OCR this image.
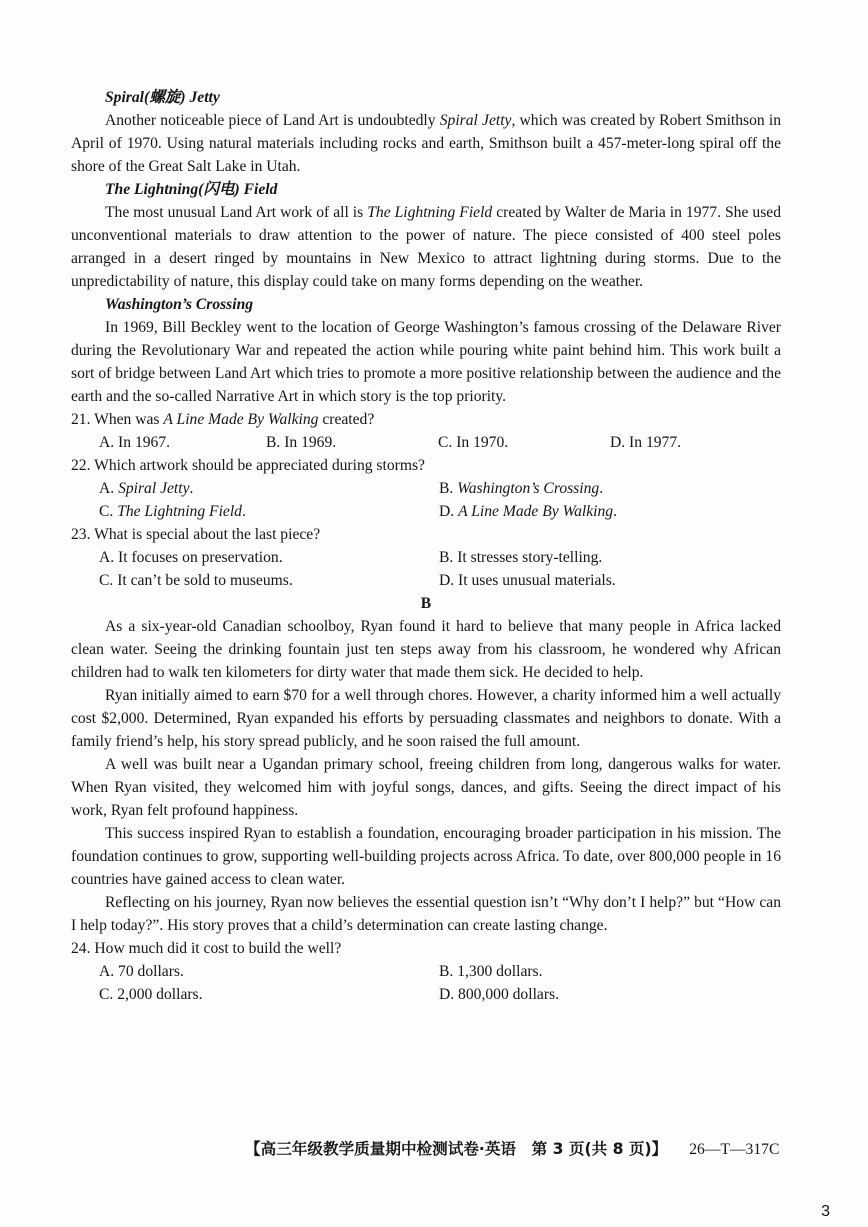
Spiral(螺旋) Jetty

Another noticeable piece of Land Art is undoubtedly Spiral Jetty, which was created by Robert Smithson in April of 1970. Using natural materials including rocks and earth, Smithson built a 457-meter-long spiral off the shore of the Great Salt Lake in Utah.

The Lightning(闪电) Field

The most unusual Land Art work of all is The Lightning Field created by Walter de Maria in 1977. She used unconventional materials to draw attention to the power of nature. The piece consisted of 400 steel poles arranged in a desert ringed by mountains in New Mexico to attract lightning during storms. Due to the unpredictability of nature, this display could take on many forms depending on the weather.

Washington’s Crossing

In 1969, Bill Beckley went to the location of George Washington’s famous crossing of the Delaware River during the Revolutionary War and repeated the action while pouring white paint behind him. This work built a sort of bridge between Land Art which tries to promote a more positive relationship between the audience and the earth and the so-called Narrative Art in which story is the top priority.

21. When was A Line Made By Walking created?

A. In 1967.	B. In 1969.	C. In 1970.	D. In 1977.

22. Which artwork should be appreciated during storms?

A. Spiral Jetty.	B. Washington’s Crossing.
C. The Lightning Field.	D. A Line Made By Walking.

23. What is special about the last piece?

A. It focuses on preservation.	B. It stresses story-telling.
C. It can’t be sold to museums.	D. It uses unusual materials.

B

As a six-year-old Canadian schoolboy, Ryan found it hard to believe that many people in Africa lacked clean water. Seeing the drinking fountain just ten steps away from his classroom, he wondered why African children had to walk ten kilometers for dirty water that made them sick. He decided to help.

Ryan initially aimed to earn $70 for a well through chores. However, a charity informed him a well actually cost $2,000. Determined, Ryan expanded his efforts by persuading classmates and neighbors to donate. With a family friend’s help, his story spread publicly, and he soon raised the full amount.

A well was built near a Ugandan primary school, freeing children from long, dangerous walks for water. When Ryan visited, they welcomed him with joyful songs, dances, and gifts. Seeing the direct impact of his work, Ryan felt profound happiness.

This success inspired Ryan to establish a foundation, encouraging broader participation in his mission. The foundation continues to grow, supporting well-building projects across Africa. To date, over 800,000 people in 16 countries have gained access to clean water.

Reflecting on his journey, Ryan now believes the essential question isn’t “Why don’t I help?” but “How can I help today?”. His story proves that a child’s determination can create lasting change.

24. How much did it cost to build the well?

A. 70 dollars.	B. 1,300 dollars.
C. 2,000 dollars.	D. 800,000 dollars.
【高三年级教学质量期中检测试卷·英语　第 3 页(共 8 页)】 26—T—317C
3
